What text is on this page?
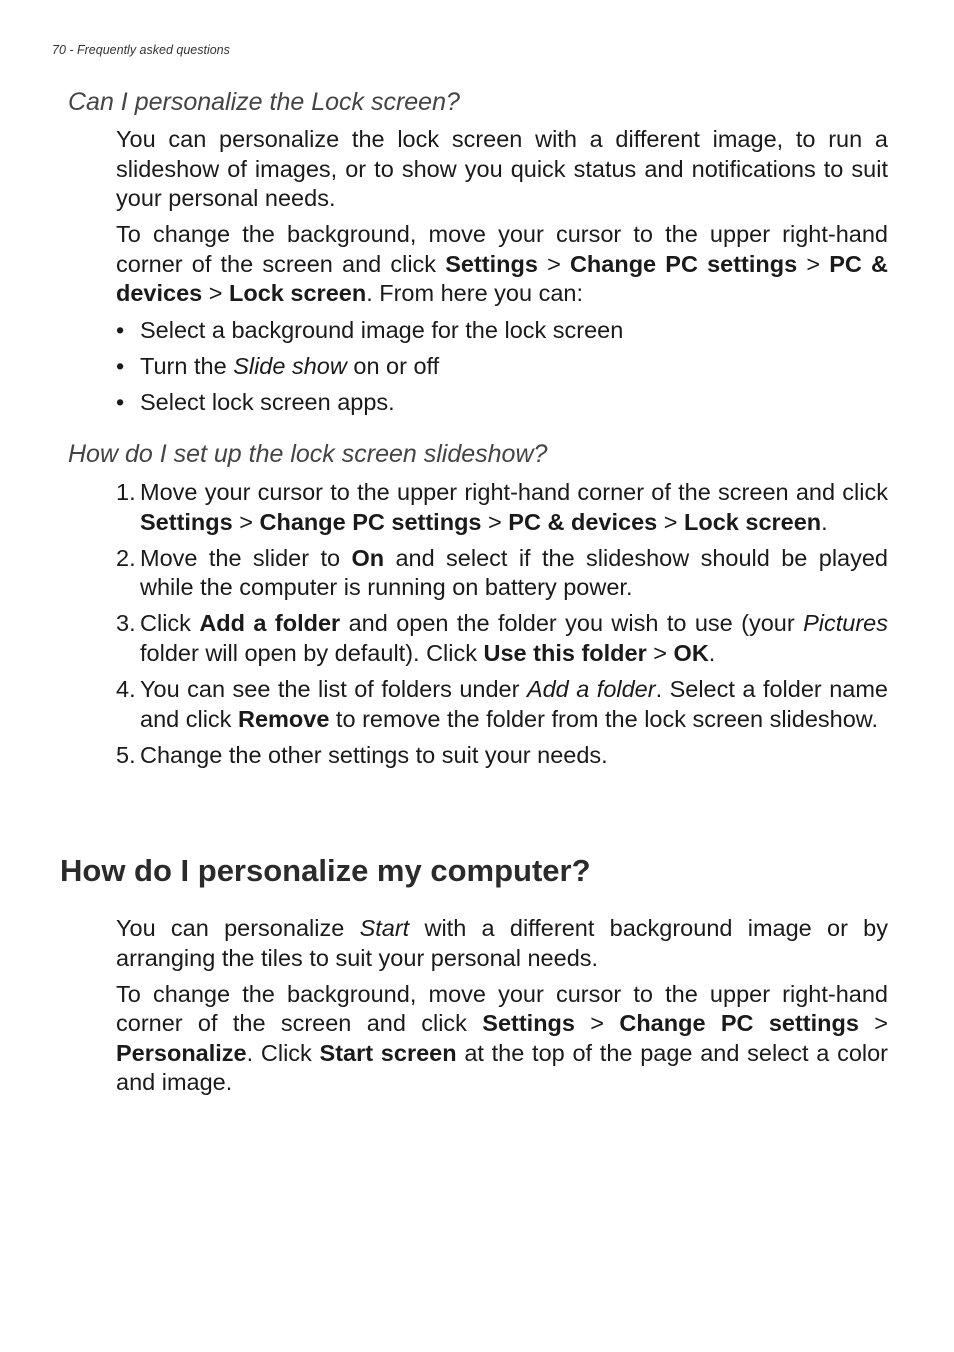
70 - Frequently asked questions
Can I personalize the Lock screen?

You can personalize the lock screen with a different image, to run a slideshow of images, or to show you quick status and notifications to suit your personal needs.

To change the background, move your cursor to the upper right-hand corner of the screen and click Settings > Change PC settings > PC & devices > Lock screen. From here you can:

• Select a background image for the lock screen
• Turn the Slide show on or off
• Select lock screen apps.
How do I set up the lock screen slideshow?
1. Move your cursor to the upper right-hand corner of the screen and click Settings > Change PC settings > PC & devices > Lock screen.
2. Move the slider to On and select if the slideshow should be played while the computer is running on battery power.
3. Click Add a folder and open the folder you wish to use (your Pictures folder will open by default). Click Use this folder > OK.
4. You can see the list of folders under Add a folder. Select a folder name and click Remove to remove the folder from the lock screen slideshow.
5. Change the other settings to suit your needs.
How do I personalize my computer?

You can personalize Start with a different background image or by arranging the tiles to suit your personal needs.

To change the background, move your cursor to the upper right-hand corner of the screen and click Settings > Change PC settings > Personalize. Click Start screen at the top of the page and select a color and image.
